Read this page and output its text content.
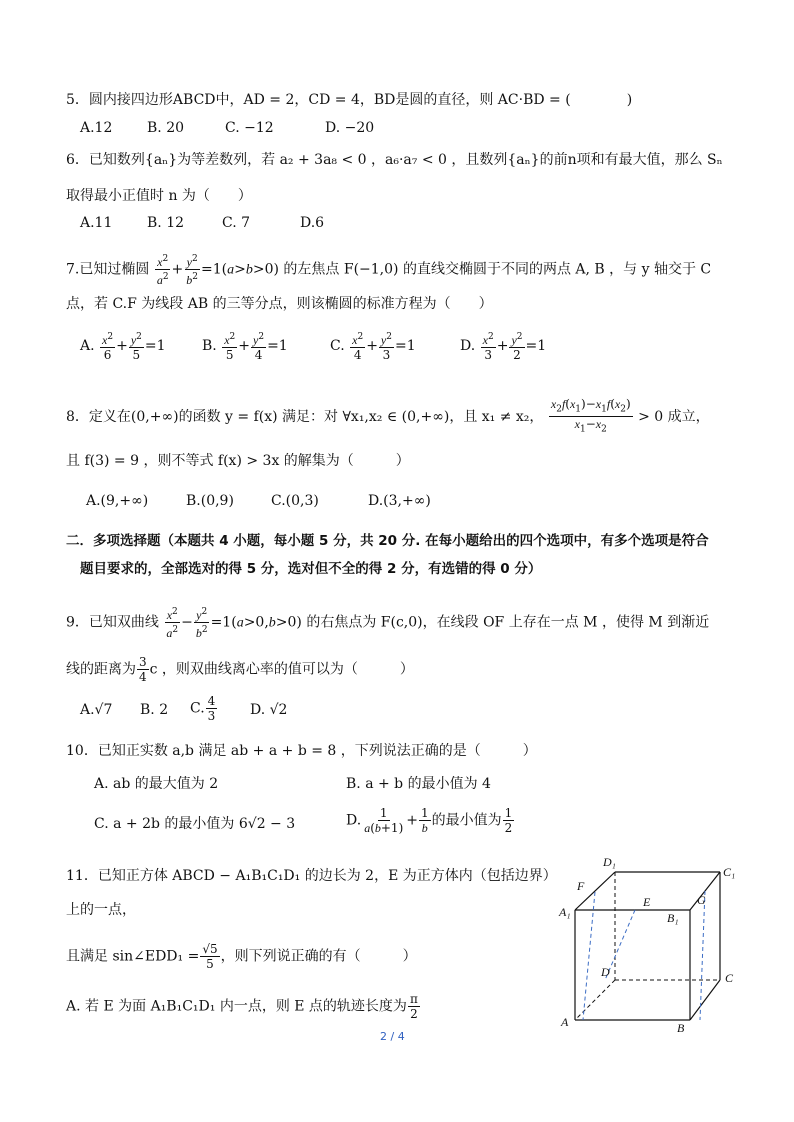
5．圆内接四边形ABCD中，AD = 2，CD = 4，BD是圆的直径，则 AC·BD = (　　　　)
A.12 B. 20	C. −12	D. −20
6．已知数列{aₙ}为等差数列，若 a₂ + 3a₈ < 0 ，a₆·a₇ < 0 ，且数列{aₙ}的前n项和有最大值，那么 Sₙ
取得最小正值时 n 为（　　）
A.11 B. 12	C. 7	D.6
7.已知过椭圆 $\frac{x^2}{a^2} + \frac{y^2}{b^2} =1(a>b>0)$ 的左焦点 F(−1,0) 的直线交椭圆于不同的两点 A, B ，与 y 轴交于 C
点，若 C.F 为线段 AB 的三等分点，则该椭圆的标准方程为（　　）
A. $\frac{x^2}{6} + \frac{y^2}{5} =1$	B. $\frac{x^2}{5} + \frac{y^2}{4} =1$	C. $\frac{x^2}{4} + \frac{y^2}{3} =1$	D. $\frac{x^2}{3} + \frac{y^2}{2} =1$
8．定义在(0,+∞)的函数 y = f(x) 满足：对 ∀x₁,x₂ ∈ (0,+∞)，且 x₁ ≠ x₂， $\frac{x_2f(x_1)-x_1f(x_2)}{x_1-x_2} > 0$ 成立，
且 f(3) = 9 ，则不等式 f(x) > 3x 的解集为（　　　）
A.(9,+∞)	B.(0,9)	C.(0,3)	D.(3,+∞)
二．多项选择题（本题共 4 小题，每小题 5 分，共 20 分. 在每小题给出的四个选项中，有多个选项是符合
题目要求的，全部选对的得 5 分，选对但不全的得 2 分，有选错的得 0 分）
9．已知双曲线 $\frac{x^2}{a^2} - \frac{y^2}{b^2} =1(a>0,b>0)$ 的右焦点为 F(c,0)，在线段 OF 上存在一点 M ，使得 M 到渐近
线的距离为 $\frac{3}{4}$ c ，则双曲线离心率的值可以为（　　　）
A.√7 B. 2 C. $\frac{4}{3} D$. √2
10．已知正实数 a,b 满足 ab + a + b = 8 ，下列说法正确的是（　　　）
A. ab 的最大值为 2	B. a + b 的最小值为 4
C. a + 2b 的最小值为 6√2 − 3	D. $\frac{1}{a(b+1)} + \frac{1}{b}$ 的最小值为 $\frac{1}{2}$
11．已知正方体 ABCD − A₁B₁C₁D₁ 的边长为 2，E 为正方体内（包括边界）
上的一点，
且满足 sin∠EDD₁ = $\frac{√5}{5}$ ，则下列说正确的有（　　　）
A. 若 E 为面 A₁B₁C₁D₁ 内一点，则 E 点的轨迹长度为 $\frac{\pi}{2}$
D₁
C₁
F
E	G
A₁	B₁
D	C
A	B
2 / 4
